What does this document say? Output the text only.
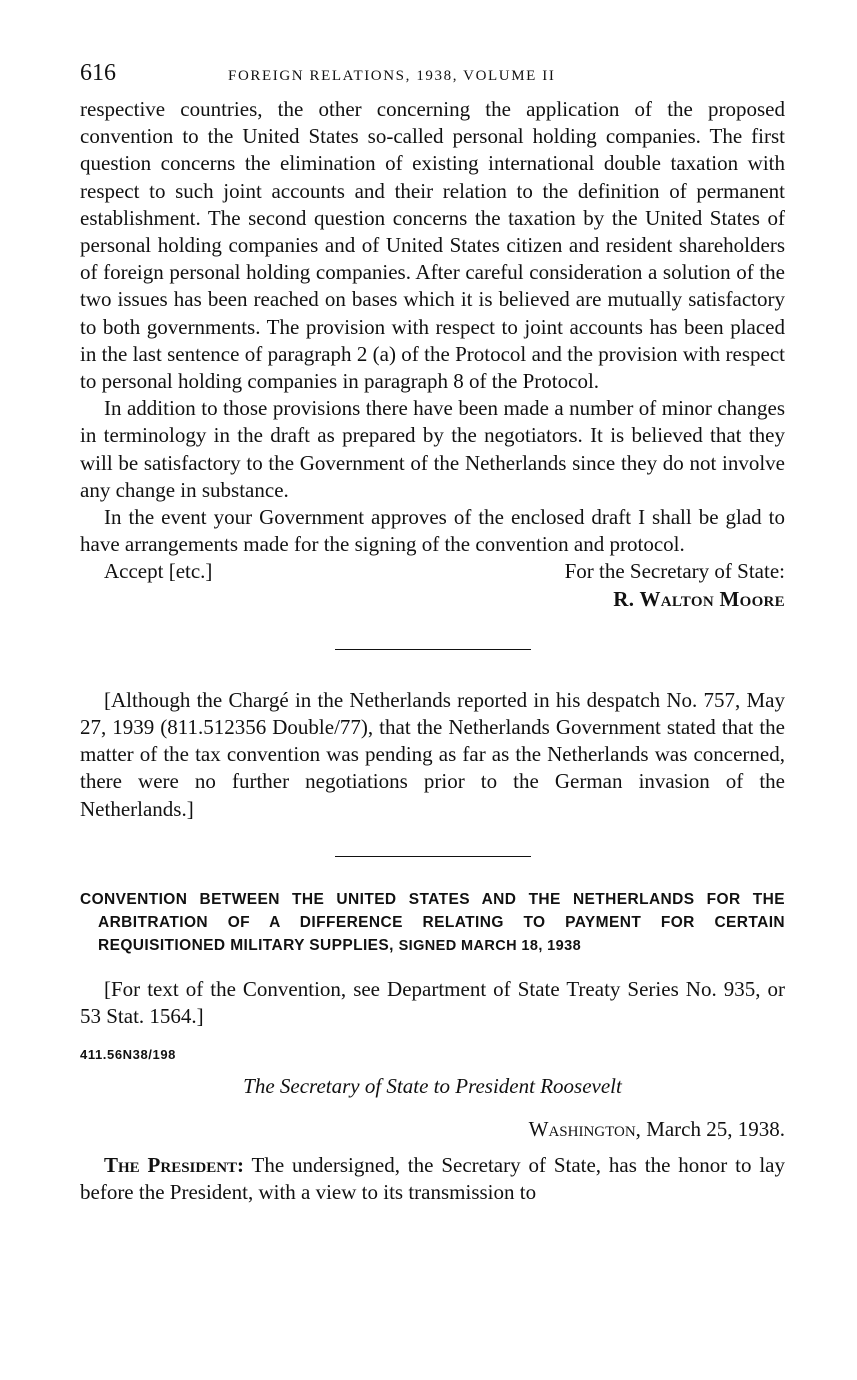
616	FOREIGN RELATIONS, 1938, VOLUME II

respective countries, the other concerning the application of the proposed convention to the United States so-called personal holding companies. The first question concerns the elimination of existing international double taxation with respect to such joint accounts and their relation to the definition of permanent establishment. The second question concerns the taxation by the United States of personal holding companies and of United States citizen and resident shareholders of foreign personal holding companies. After careful consideration a solution of the two issues has been reached on bases which it is believed are mutually satisfactory to both governments. The provision with respect to joint accounts has been placed in the last sentence of paragraph 2 (a) of the Protocol and the provision with respect to personal holding companies in paragraph 8 of the Protocol.

In addition to those provisions there have been made a number of minor changes in terminology in the draft as prepared by the negotiators. It is believed that they will be satisfactory to the Government of the Netherlands since they do not involve any change in substance.

In the event your Government approves of the enclosed draft I shall be glad to have arrangements made for the signing of the convention and protocol.

Accept [etc.]	For the Secretary of State:
R. Walton Moore

[Although the Chargé in the Netherlands reported in his despatch No. 757, May 27, 1939 (811.512356 Double/77), that the Netherlands Government stated that the matter of the tax convention was pending as far as the Netherlands was concerned, there were no further negotiations prior to the German invasion of the Netherlands.]

CONVENTION BETWEEN THE UNITED STATES AND THE NETHERLANDS FOR THE ARBITRATION OF A DIFFERENCE RELATING TO PAYMENT FOR CERTAIN REQUISITIONED MILITARY SUPPLIES, SIGNED MARCH 18, 1938

[For text of the Convention, see Department of State Treaty Series No. 935, or 53 Stat. 1564.]

411.56N38/198
The Secretary of State to President Roosevelt
Washington, March 25, 1938.

The President: The undersigned, the Secretary of State, has the honor to lay before the President, with a view to its transmission to
